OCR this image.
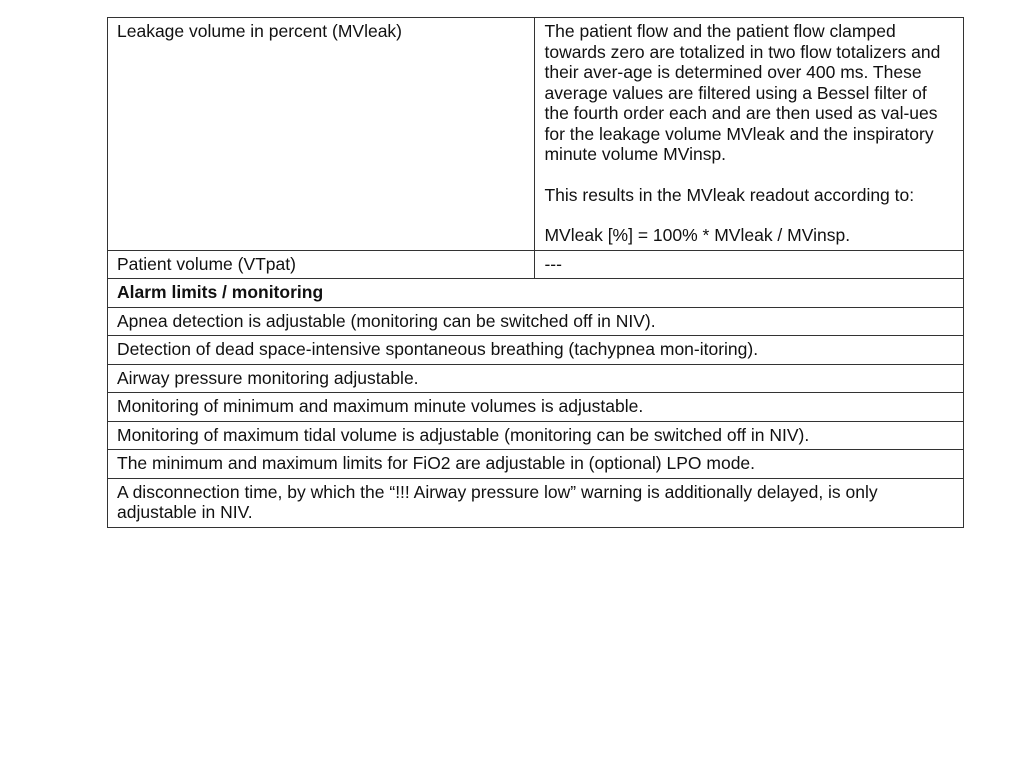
Leakage volume in percent (MVleak)	The patient flow and the patient flow clamped towards zero are totalized in two flow totalizers and their aver-age is determined over 400 ms. These average values are filtered using a Bessel filter of the fourth order each and are then used as val-ues for the leakage volume MVleak and the inspiratory minute volume MVinsp.
This results in the MVleak readout according to:
MVleak [%] = 100% * MVleak / MVinsp.

Patient volume (VTpat)	---
Alarm limits / monitoring	
Apnea detection is adjustable (monitoring can be switched off in NIV).	
Detection of dead space-intensive spontaneous breathing (tachypnea mon-itoring).	
Airway pressure monitoring adjustable.	
Monitoring of minimum and maximum minute volumes is adjustable.	
Monitoring of maximum tidal volume is adjustable (monitoring can be switched off in NIV).	
The minimum and maximum limits for FiO2 are adjustable in (optional) LPO mode.	
A disconnection time, by which the “!!! Airway pressure low” warning is additionally delayed, is only adjustable in NIV.	
